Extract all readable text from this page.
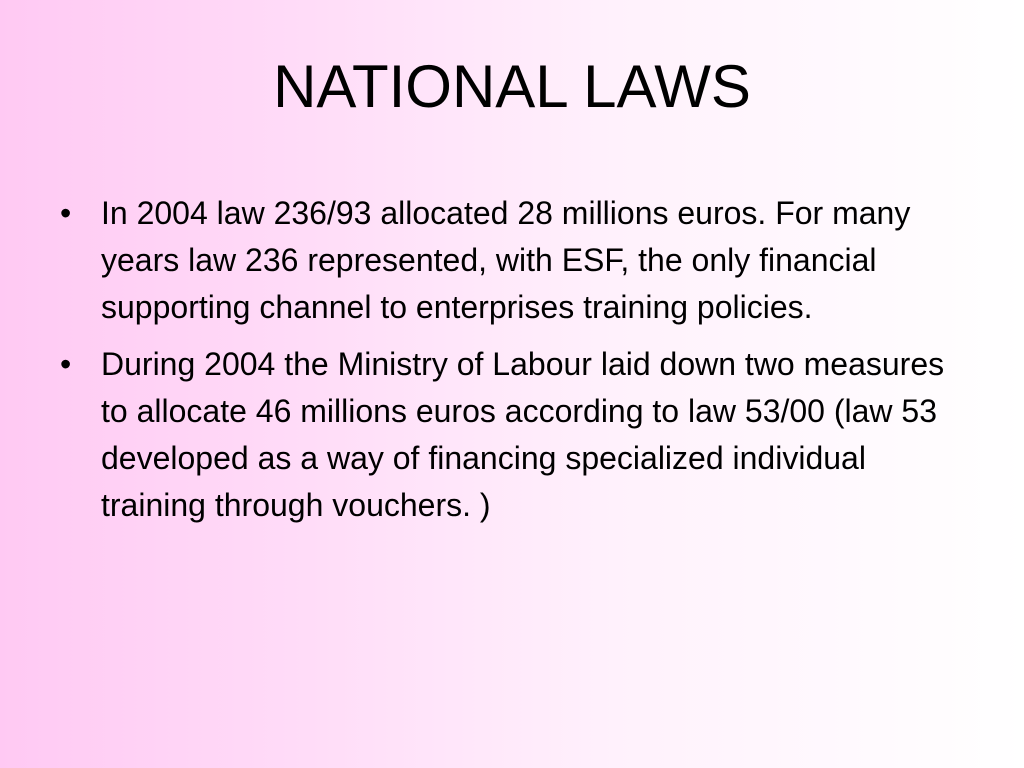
NATIONAL LAWS
• In 2004 law 236/93 allocated 28 millions euros. For many years law 236 represented, with ESF, the only financial supporting channel to enterprises training policies.
• During 2004 the Ministry of Labour laid down two measures to allocate 46 millions euros according to law 53/00 (law 53 developed as a way of financing specialized individual training through vouchers. )
